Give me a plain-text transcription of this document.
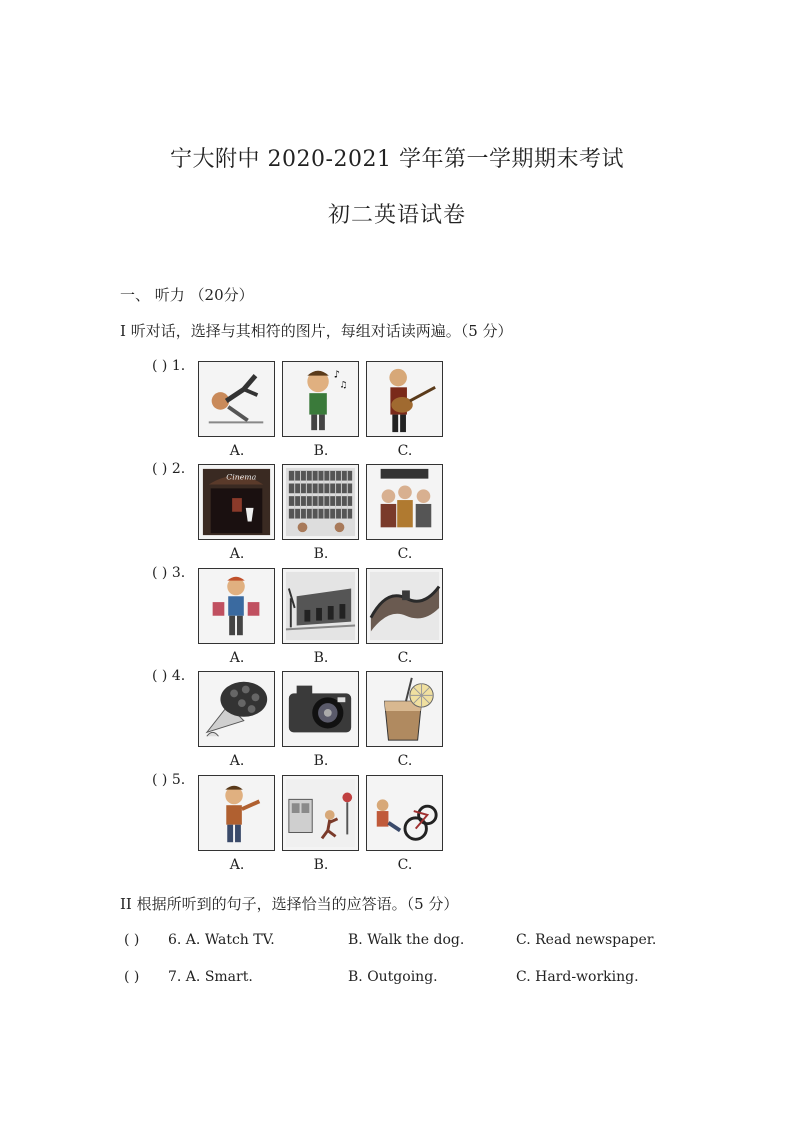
宁大附中 2020-2021 学年第一学期期末考试
初二英语试卷
一、 听力 （20分）
I 听对话，选择与其相符的图片，每组对话读两遍。（5 分）
( ) 1.
♪
♫
A.	B.	C.
( ) 2.
Cinema
A.	B.	C.
( ) 3.
A.	B.	C.
( ) 4.
A.	B.	C.
( ) 5.
A.	B.	C.
II 根据所听到的句子，选择恰当的应答语。（5 分）
( ) 6. A. Watch TV.	B. Walk the dog.	C. Read newspaper.
( ) 7. A. Smart.	B. Outgoing.	C. Hard-working.
